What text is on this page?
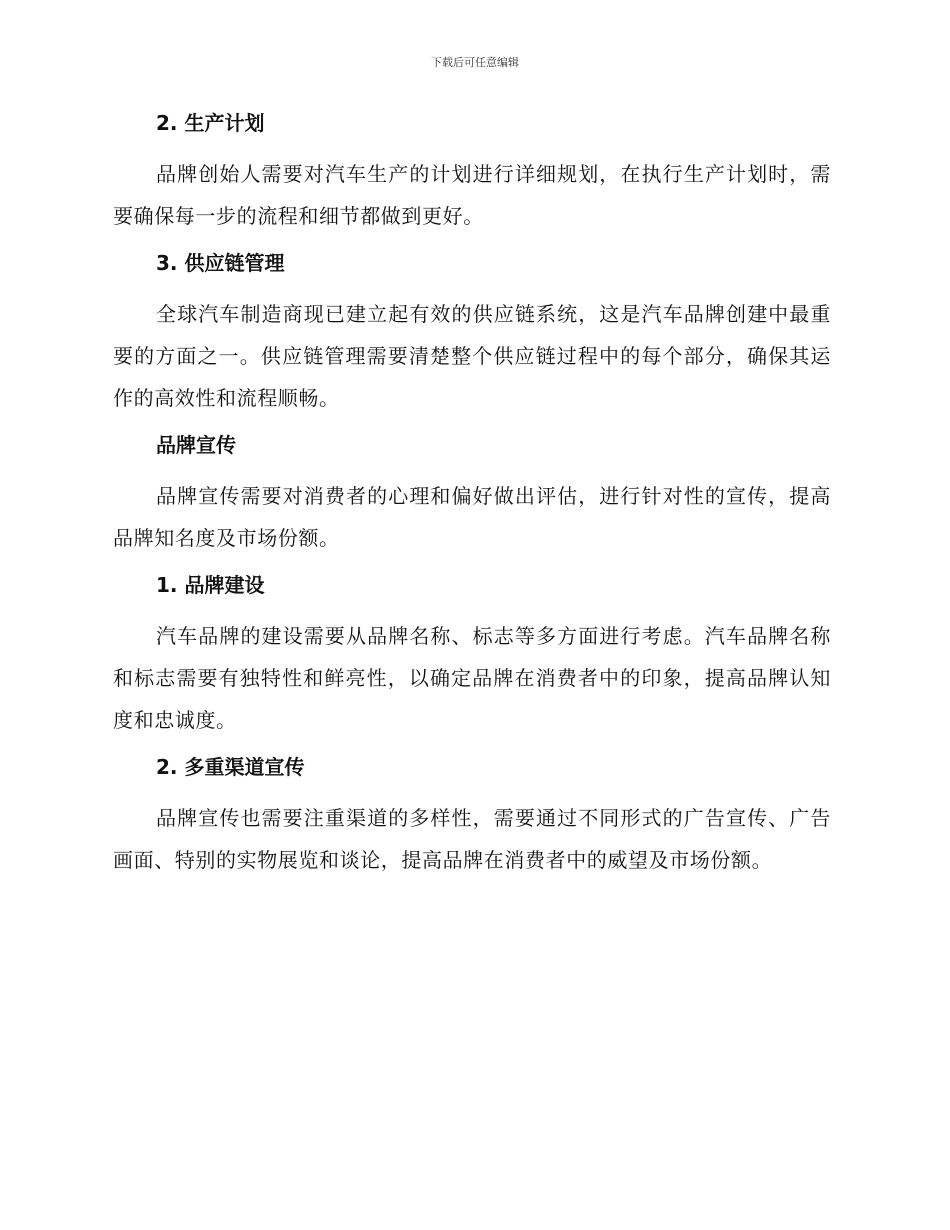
下载后可任意编辑
2. 生产计划

品牌创始人需要对汽车生产的计划进行详细规划，在执行生产计划时，需要确保每一步的流程和细节都做到更好。

3. 供应链管理

全球汽车制造商现已建立起有效的供应链系统，这是汽车品牌创建中最重要的方面之一。供应链管理需要清楚整个供应链过程中的每个部分，确保其运作的高效性和流程顺畅。

品牌宣传

品牌宣传需要对消费者的心理和偏好做出评估，进行针对性的宣传，提高品牌知名度及市场份额。

1. 品牌建设

汽车品牌的建设需要从品牌名称、标志等多方面进行考虑。汽车品牌名称和标志需要有独特性和鲜亮性，以确定品牌在消费者中的印象，提高品牌认知度和忠诚度。

2. 多重渠道宣传

品牌宣传也需要注重渠道的多样性，需要通过不同形式的广告宣传、广告画面、特别的实物展览和谈论，提高品牌在消费者中的威望及市场份额。
